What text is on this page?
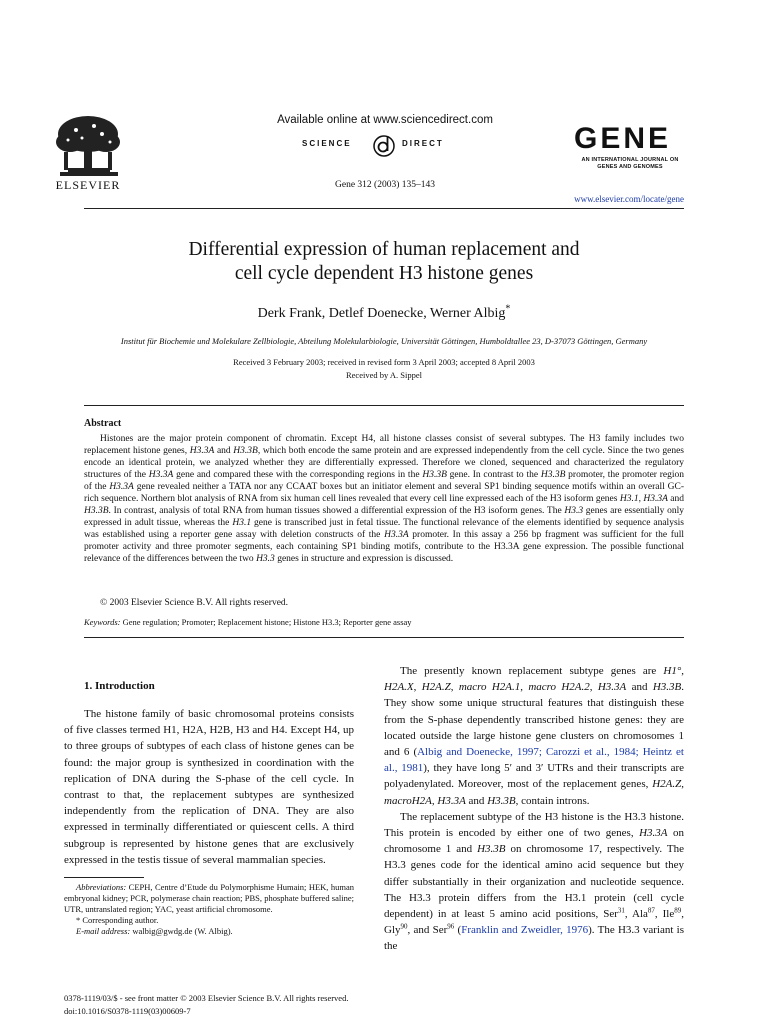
ELSEVIER
Available online at www.sciencedirect.com
SCIENCE	DIRECT
Gene 312 (2003) 135–143
GENE
AN INTERNATIONAL JOURNAL ON GENES AND GENOMES
www.elsevier.com/locate/gene
Differential expression of human replacement and
cell cycle dependent H3 histone genes
Derk Frank, Detlef Doenecke, Werner Albig*
Institut für Biochemie und Molekulare Zellbiologie, Abteilung Molekularbiologie, Universität Göttingen, Humboldtallee 23, D-37073 Göttingen, Germany
Received 3 February 2003; received in revised form 3 April 2003; accepted 8 April 2003
Received by A. Sippel
Abstract
Histones are the major protein component of chromatin. Except H4, all histone classes consist of several subtypes. The H3 family includes two replacement histone genes, H3.3A and H3.3B, which both encode the same protein and are expressed independently from the cell cycle. Since the two genes encode an identical protein, we analyzed whether they are differentially expressed. Therefore we cloned, sequenced and characterized the regulatory structures of the H3.3A gene and compared these with the corresponding regions in the H3.3B gene. In contrast to the H3.3B promoter, the promoter region of the H3.3A gene revealed neither a TATA nor any CCAAT boxes but an initiator element and several SP1 binding sequence motifs within an overall GC-rich sequence. Northern blot analysis of RNA from six human cell lines revealed that every cell line expressed each of the H3 isoform genes H3.1, H3.3A and H3.3B. In contrast, analysis of total RNA from human tissues showed a differential expression of the H3 isoform genes. The H3.3 genes are essentially only expressed in adult tissue, whereas the H3.1 gene is transcribed just in fetal tissue. The functional relevance of the elements identified by sequence analysis was established using a reporter gene assay with deletion constructs of the H3.3A promoter. In this assay a 256 bp fragment was sufficient for the full promoter activity and three promoter segments, each containing SP1 binding motifs, contribute to the H3.3A gene expression. The possible functional relevance of the differences between the two H3.3 genes in structure and expression is discussed.
© 2003 Elsevier Science B.V. All rights reserved.
Keywords: Gene regulation; Promoter; Replacement histone; Histone H3.3; Reporter gene assay
1. Introduction
The histone family of basic chromosomal proteins consists of five classes termed H1, H2A, H2B, H3 and H4. Except H4, up to three groups of subtypes of each class of histone genes can be found: the major group is synthesized in coordination with the replication of DNA during the S-phase of the cell cycle. In contrast to that, the replacement subtypes are synthesized independently from the replication of DNA. They are also expressed in terminally differentiated or quiescent cells. A third subgroup is represented by histone genes that are exclusively expressed in the testis tissue of several mammalian species.
Abbreviations: CEPH, Centre d’Etude du Polymorphisme Humain; HEK, human embryonal kidney; PCR, polymerase chain reaction; PBS, phosphate buffered saline; UTR, untranslated region; YAC, yeast artificial chromosome.
* Corresponding author.
E-mail address: walbig@gwdg.de (W. Albig).
0378-1119/03/$ - see front matter © 2003 Elsevier Science B.V. All rights reserved.
doi:10.1016/S0378-1119(03)00609-7

The presently known replacement subtype genes are H1°, H2A.X, H2A.Z, macro H2A.1, macro H2A.2, H3.3A and H3.3B. They show some unique structural features that distinguish these from the S-phase dependently transcribed histone genes: they are located outside the large histone gene clusters on chromosomes 1 and 6 (Albig and Doenecke, 1997; Carozzi et al., 1984; Heintz et al., 1981), they have long 5′ and 3′ UTRs and their transcripts are polyadenylated. Moreover, most of the replacement genes, H2A.Z, macroH2A, H3.3A and H3.3B, contain introns.

The replacement subtype of the H3 histone is the H3.3 histone. This protein is encoded by either one of two genes, H3.3A on chromosome 1 and H3.3B on chromosome 17, respectively. The H3.3 genes code for the identical amino acid sequence but they differ substantially in their organization and nucleotide sequence. The H3.3 protein differs from the H3.1 protein (cell cycle dependent) in at least 5 amino acid positions, Ser$^{31}$, Ala$^{87}$, Ile$^{89}$, Gly$^{90}$, and Ser$^{96}$ (Franklin and Zweidler, 1976). The H3.3 variant is the
